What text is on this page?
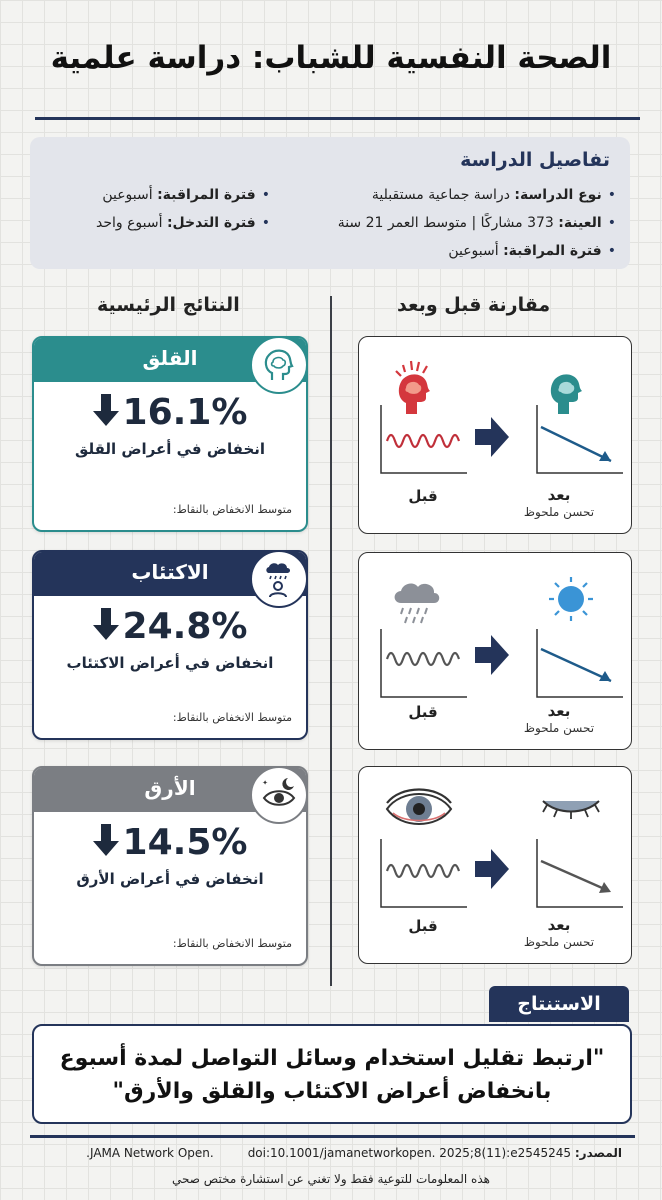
الصحة النفسية للشباب: دراسة علمية
تفاصيل الدراسة
•نوع الدراسة: دراسة جماعية مستقبلية
•العينة: 373 مشاركًا | متوسط العمر 21 سنة
•فترة المراقبة: أسبوعين
•فترة المراقبة: أسبوعين
•فترة التدخل: أسبوع واحد
مقارنة قبل وبعد
النتائج الرئيسية
القلق
16.1%
انخفاض في أعراض القلق
متوسط الانخفاض بالنقاط:
الاكتئاب
24.8%
انخفاض في أعراض الاكتئاب
متوسط الانخفاض بالنقاط:
الأرق	✦
14.5%
انخفاض في أعراض الأرق
متوسط الانخفاض بالنقاط:
قبل	بعد
تحسن ملحوظ
قبل	بعد
تحسن ملحوظ
قبل	بعد
تحسن ملحوظ
الاستنتاج
"ارتبط تقليل استخدام وسائل التواصل لمدة أسبوع بانخفاض أعراض الاكتئاب والقلق والأرق"
المصدر: JAMA Network Open.doi:10.1001/jamanetworkopen. 2025;8(11):e2545245.
هذه المعلومات للتوعية فقط ولا تغني عن استشارة مختص صحي
